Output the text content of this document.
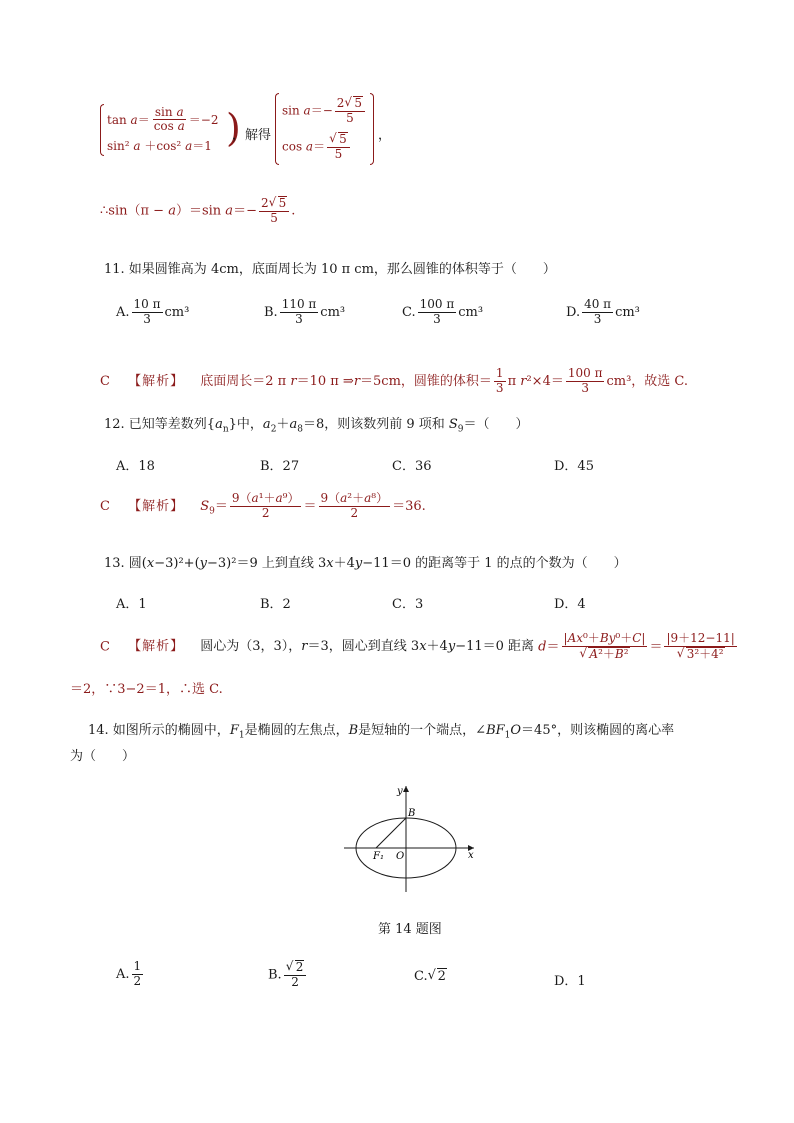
$\tan a= \frac{\text{sin a}}{\text{cos a}} =-2$
sin² a ＋cos² a＝1 )
，解得
$\sin a=- \frac{2 √ 5}{5}$
cos a＝ √ $\frac{5}{5}$ ，
∴sin（π − a）＝sin $a=- \frac{2 √ 5}{5}$ .
11. 如果圆锥高为 4cm，底面周长为 10 π cm，那么圆锥的体积等于（　　）
A. $\frac{10 \pi}{3} cm^3$	B. $\frac{110 \pi}{3} cm^3$	C. $\frac{100 \pi}{3} cm^3$	D. $\frac{40 \pi}{3} cm^3$
C 【解析】 底面周长＝2 π r＝10 π ⇒r＝5cm，圆锥的体积＝ $\frac{1}{3}$ π $r^2\times 4= \frac{100 \pi}{3} cm^3$，故选 C.
12. 已知等差数列$\{a_n\}$中，$a_2+a_8=8$，则该数列前 9 项和 $S_9=$（　　）
A．18	B．27	C．36	D．45
C 【解析】 $S_9= \frac{\text{9（a¹＋a⁹）}}{2} = \frac{\text{9（a²＋a⁸）}}{2} =36$.
13. 圆(x−3)²+(y−3)²＝9 上到直线 3x＋4y−11＝0 的距离等于 1 的点的个数为（　　）
A．1	B．2	C．3	D．4
C 【解析】 圆心为（3，3），r＝3，圆心到直线 3x＋4y−11＝0 距离 d＝ |Ax⁰＋By⁰＋C|
√ A²＋B² ＝ |9＋12−11|
√ 3²＋4²
＝2，∵3−2＝1，∴选 C.
14. 如图所示的椭圆中，$F_1$是椭圆的左焦点，B是短轴的一个端点，$\angle BF_1O=45^\circ$，则该椭圆的离心率
为（　　）
y
B
x
O
F₁
第 14 题图
A. $\frac{1}{2}$	B. √ $\frac{2}{2}$	C. √ 2	D．1
